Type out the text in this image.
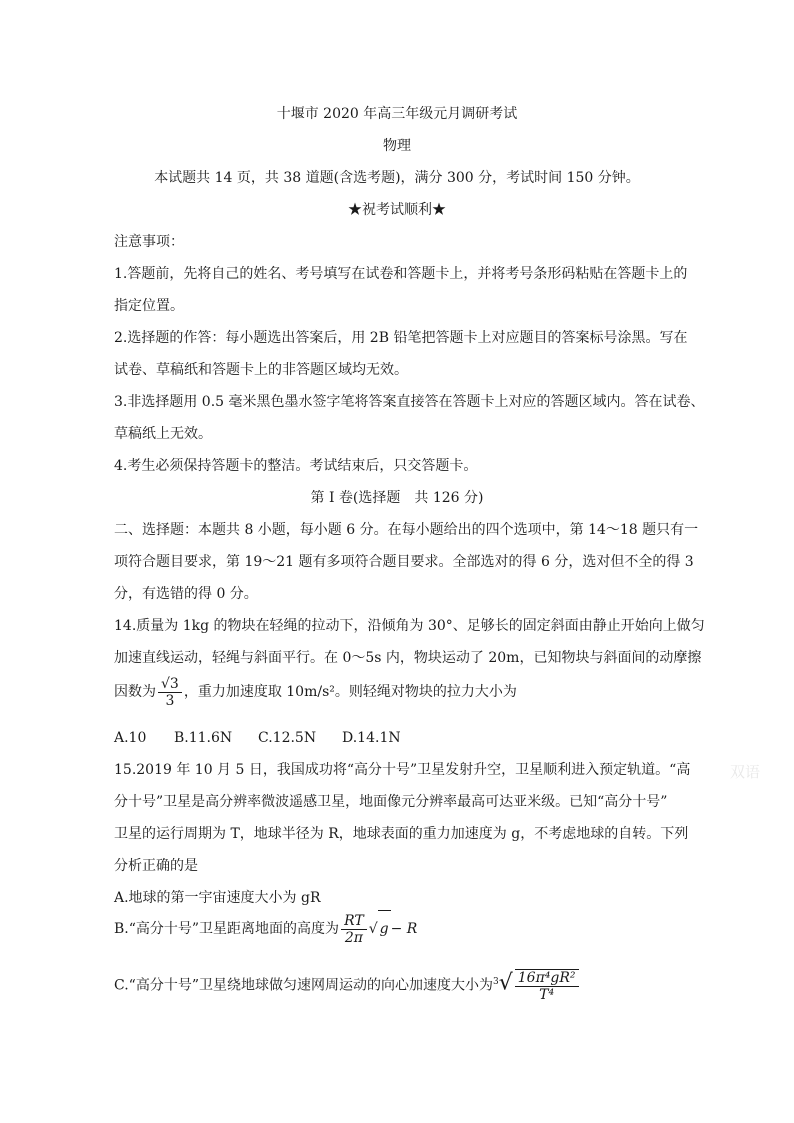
十堰市 2020 年高三年级元月调研考试
物理
本试题共 14 页，共 38 道题(含选考题)，满分 300 分，考试时间 150 分钟。
★祝考试顺利★
注意事项：
1.答题前，先将自己的姓名、考号填写在试卷和答题卡上，并将考号条形码粘贴在答题卡上的
指定位置。
2.选择题的作答：每小题选出答案后，用 2B 铅笔把答题卡上对应题目的答案标号涂黑。写在
试卷、草稿纸和答题卡上的非答题区域均无效。
3.非选择题用 0.5 毫米黑色墨水签字笔将答案直接答在答题卡上对应的答题区域内。答在试卷、
草稿纸上无效。
4.考生必须保持答题卡的整洁。考试结束后，只交答题卡。
第 I 卷(选择题　共 126 分)
二、选择题：本题共 8 小题，每小题 6 分。在每小题给出的四个选项中，第 14～18 题只有一
项符合题目要求，第 19～21 题有多项符合题目要求。全部选对的得 6 分，选对但不全的得 3
分，有选错的得 0 分。
14.质量为 1kg 的物块在轻绳的拉动下，沿倾角为 30°、足够长的固定斜面由静止开始向上做匀
加速直线运动，轻绳与斜面平行。在 0～5s 内，物块运动了 20m，已知物块与斜面间的动摩擦
因数为 $\frac{√3}{3}$ ，重力加速度取 10m/s²。则轻绳对物块的拉力大小为
A.10 B.11.6N C.12.5N D.14.1N
15.2019 年 10 月 5 日，我国成功将“高分十号”卫星发射升空，卫星顺利进入预定轨道。“高
分十号”卫星是高分辨率微波遥感卫星，地面像元分辨率最高可达亚米级。已知“高分十号”
卫星的运行周期为 T，地球半径为 R，地球表面的重力加速度为 g，不考虑地球的自转。下列
分析正确的是
A.地球的第一宇宙速度大小为 gR
B.“高分十号”卫星距离地面的高度为 $\frac{RT}{2\pi}$ √ g − R
C.“高分十号”卫星绕地球做匀速网周运动的向心加速度大小为$^3√ \frac{\text{16π⁴gR²}}{\text{T⁴}}$
双语
